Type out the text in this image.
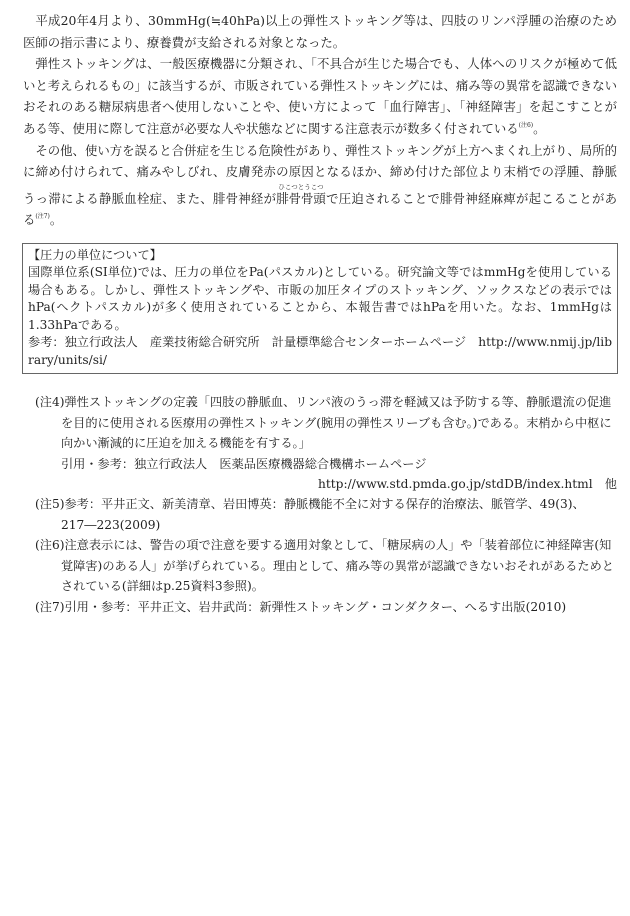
平成20年4月より、30mmHg(≒40hPa)以上の弾性ストッキング等は、四肢のリンパ浮腫の治療のため医師の指示書により、療養費が支給される対象となった。

弾性ストッキングは、一般医療機器に分類され、「不具合が生じた場合でも、人体へのリスクが極めて低いと考えられるもの」に該当するが、市販されている弾性ストッキングには、痛み等の異常を認識できないおそれのある糖尿病患者へ使用しないことや、使い方によって「血行障害」、「神経障害」を起こすことがある等、使用に際して注意が必要な人や状態などに関する注意表示が数多く付されている$^{(注6)}$。

その他、使い方を誤ると合併症を生じる危険性があり、弾性ストッキングが上方へまくれ上がり、局所的に締め付けられて、痛みやしびれ、皮膚発赤の原因となるほか、締め付けた部位より末梢での浮腫、静脈うっ滞による静脈血栓症、また、腓骨神経が
ひこつとうこつ
腓骨骨頭 で圧迫されることで腓骨神経麻痺が起こることがある$^{(注7)}$。

【圧力の単位について】

国際単位系(SI単位)では、圧力の単位をPa(パスカル)としている。研究論文等ではmmHgを使用している場合もある。しかし、弾性ストッキングや、市販の加圧タイプのストッキング、ソックスなどの表示ではhPa(ヘクトパスカル)が多く使用されていることから、本報告書ではhPaを用いた。なお、1mmHgは1.33hPaである。

参考：独立行政法人　産業技術総合研究所　計量標準総合センターホームページ　http://www.nmij.jp/library/units/si/

(注4)弾性ストッキングの定義「四肢の静脈血、リンパ液のうっ滞を軽減又は予防する等、静脈還流の促進を目的に使用される医療用の弾性ストッキング(腕用の弾性スリーブも含む。)である。末梢から中枢に向かい漸減的に圧迫を加える機能を有する。」

引用・参考：独立行政法人　医薬品医療機器総合機構ホームページ

http://www.std.pmda.go.jp/stdDB/index.html　他

(注5)参考：平井正文、新美清章、岩田博英：静脈機能不全に対する保存的治療法、脈管学、49(3)、217―223(2009)

(注6)注意表示には、警告の項で注意を要する適用対象として、「糖尿病の人」や「装着部位に神経障害(知覚障害)のある人」が挙げられている。理由として、痛み等の異常が認識できないおそれがあるためとされている(詳細はp.25資料3参照)。

(注7)引用・参考：平井正文、岩井武尚：新弾性ストッキング・コンダクター、へるす出版(2010)
